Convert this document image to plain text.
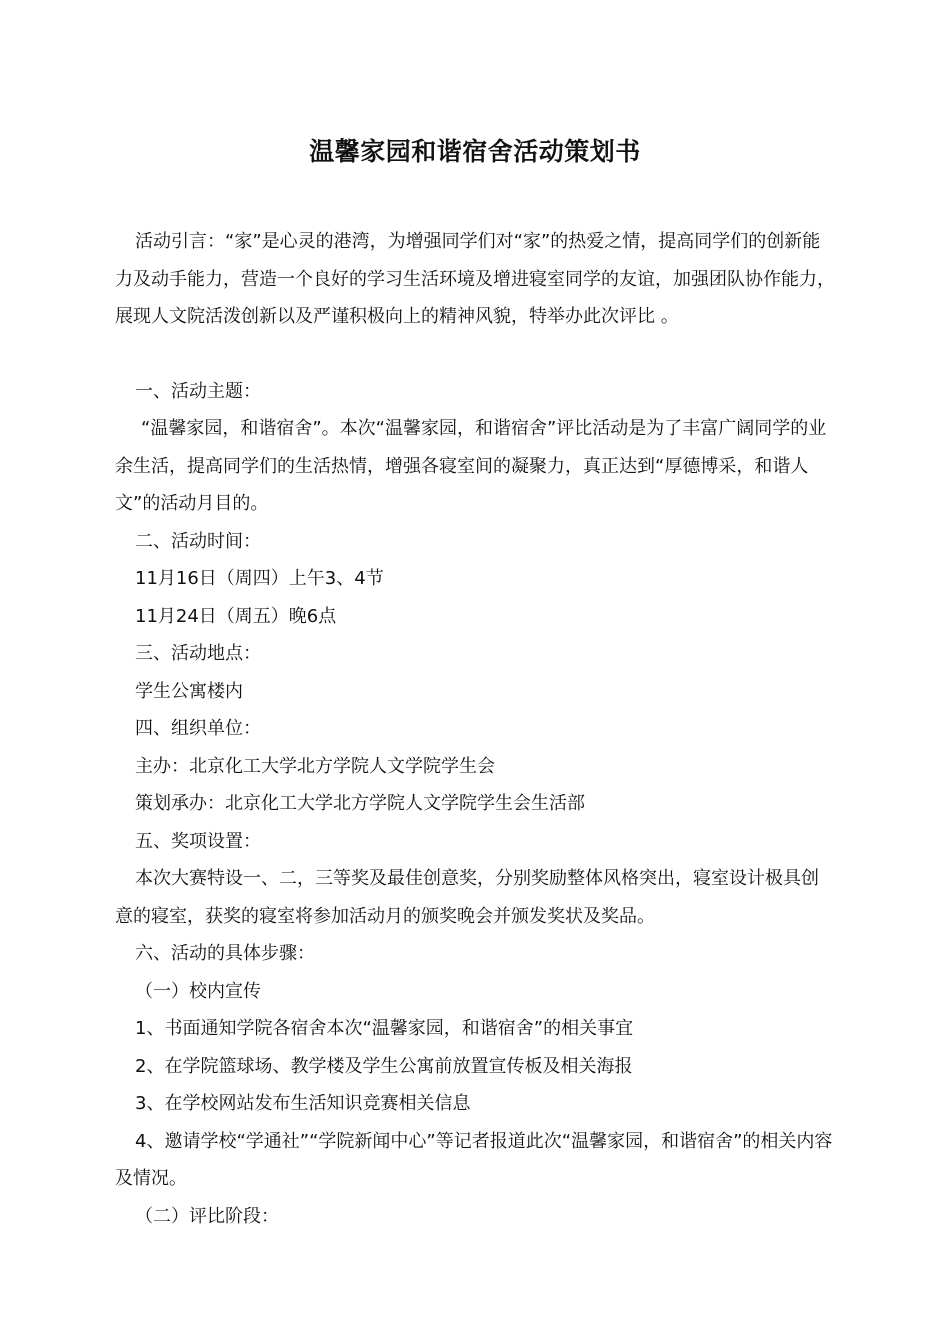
温馨家园和谐宿舍活动策划书

活动引言：“家”是心灵的港湾，为增强同学们对“家”的热爱之情，提高同学们的创新能力及动手能力，营造一个良好的学习生活环境及增进寝室同学的友谊，加强团队协作能力，展现人文院活泼创新以及严谨积极向上的精神风貌，特举办此次评比 。

一、活动主题：

“温馨家园，和谐宿舍”。本次“温馨家园，和谐宿舍”评比活动是为了丰富广阔同学的业余生活，提高同学们的生活热情，增强各寝室间的凝聚力，真正达到“厚德博采，和谐人文”的活动月目的。

二、活动时间：

11月16日（周四）上午3、4节

11月24日（周五）晚6点

三、活动地点：

学生公寓楼内

四、组织单位：

主办：北京化工大学北方学院人文学院学生会

策划承办：北京化工大学北方学院人文学院学生会生活部

五、奖项设置：

本次大赛特设一、二，三等奖及最佳创意奖，分别奖励整体风格突出，寝室设计极具创意的寝室，获奖的寝室将参加活动月的颁奖晚会并颁发奖状及奖品。

六、活动的具体步骤：

（一）校内宣传

1、书面通知学院各宿舍本次“温馨家园，和谐宿舍”的相关事宜

2、在学院篮球场、教学楼及学生公寓前放置宣传板及相关海报

3、在学校网站发布生活知识竞赛相关信息

4、邀请学校“学通社”“学院新闻中心”等记者报道此次“温馨家园，和谐宿舍”的相关内容及情况。

（二）评比阶段：
